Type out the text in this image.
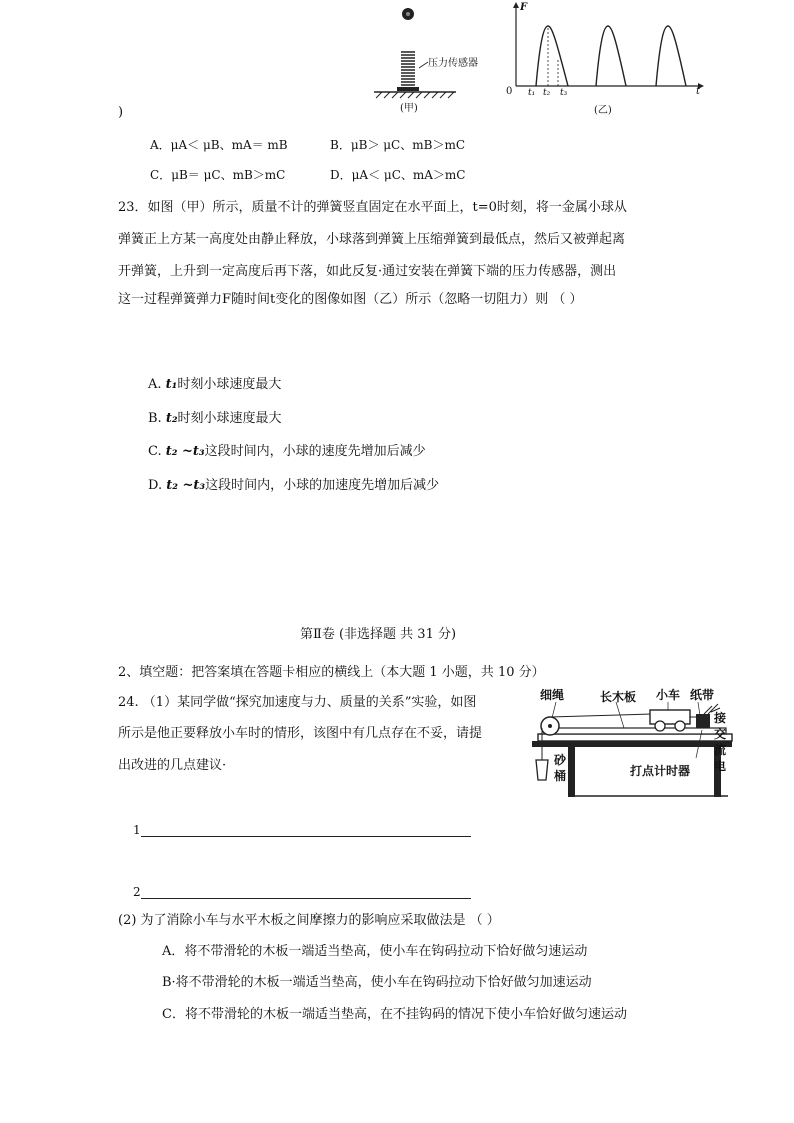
压力传感器
(甲)
F
0 t₁ t₂ t₃	t
(乙)
)
A．μA＜ μB、mA＝ mB	B．μB＞ μC、mB＞mC
C．μB＝ μC、mB＞mC	D．μA＜ μC、mA＞mC
23．如图（甲）所示，质量不计的弹簧竖直固定在水平面上，t=0时刻，将一金属小球从
弹簧正上方某一高度处由静止释放，小球落到弹簧上压缩弹簧到最低点，然后又被弹起离
开弹簧，上升到一定高度后再下落，如此反复·通过安装在弹簧下端的压力传感器，测出
这一过程弹簧弹力F随时间t变化的图像如图（乙）所示（忽略一切阻力）则 （ ）
A. t₁时刻小球速度最大
B. t₂时刻小球速度最大
C. t₂ ~t₃这段时间内，小球的速度先增加后减少
D. t₂ ~t₃这段时间内，小球的加速度先增加后减少
第Ⅱ卷 (非选择题 共 31 分)
2、填空题：把答案填在答题卡相应的横线上（本大题 1 小题，共 10 分）
24. （1）某同学做“探究加速度与力、质量的关系”实验，如图
所示是他正要释放小车时的情形，该图中有几点存在不妥，请提
出改进的几点建议·
细绳	长木板 小车 纸带
接交流电
砂桶	打点计时器
1
2
(2) 为了消除小车与水平木板之间摩擦力的影响应采取做法是 （ ）
A．将不带滑轮的木板一端适当垫高，使小车在钩码拉动下恰好做匀速运动
B·将不带滑轮的木板一端适当垫高，使小车在钩码拉动下恰好做匀加速运动
C．将不带滑轮的木板一端适当垫高，在不挂钩码的情况下使小车恰好做匀速运动
